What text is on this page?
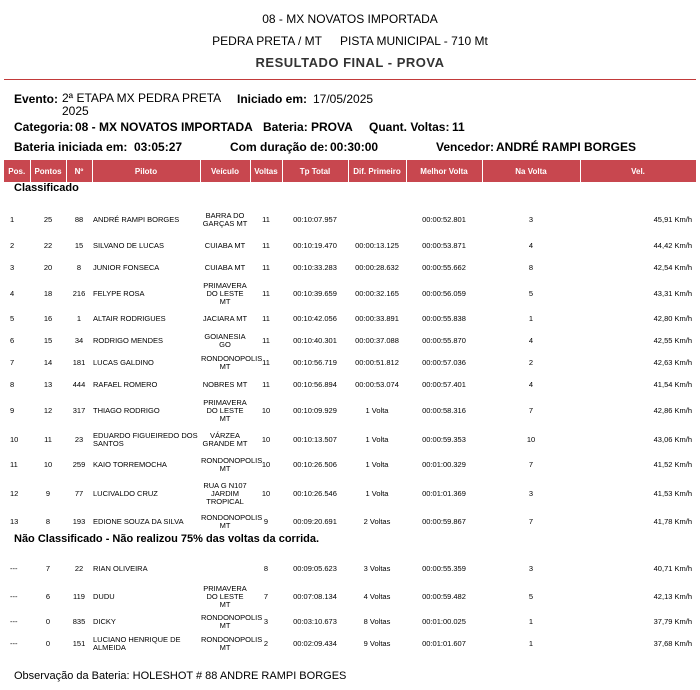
08 - MX NOVATOS IMPORTADA
PEDRA PRETA / MT PISTA MUNICIPAL - 710 Mt
RESULTADO FINAL - PROVA
Evento: 2ª ETAPA MX PEDRA PRETA
2025
Iniciado em: 17/05/2025
Categoria: 08 - MX NOVATOS IMPORTADA Bateria: PROVA Quant. Voltas: 11
Bateria iniciada em: 03:05:27	Com duração de: 00:30:00	Vencedor: ANDRÉ RAMPI BORGES
Pos.	Pontos	Nº	Piloto	Veículo	Voltas	Tp Total	Dif. Primeiro	Melhor Volta	Na Volta	Vel.
Classificado										
1	25	88	ANDRÉ RAMPI BORGES	BARRA DO GARÇAS MT	11	00:10:07.957		00:00:52.801	3	45,91 Km/h
2	22	15	SILVANO DE LUCAS	CUIABA MT	11	00:10:19.470	00:00:13.125	00:00:53.871	4	44,42 Km/h
3	20	8	JUNIOR FONSECA	CUIABA MT	11	00:10:33.283	00:00:28.632	00:00:55.662	8	42,54 Km/h
4	18	216	FELYPE ROSA	PRIMAVERA DO LESTE MT	11	00:10:39.659	00:00:32.165	00:00:56.059	5	43,31 Km/h
5	16	1	ALTAIR RODRIGUES	JACIARA MT	11	00:10:42.056	00:00:33.891	00:00:55.838	1	42,80 Km/h
6	15	34	RODRIGO MENDES	GOIANESIA GO	11	00:10:40.301	00:00:37.088	00:00:55.870	4	42,55 Km/h
7	14	181	LUCAS GALDINO	RONDONOPOLIS MT	11	00:10:56.719	00:00:51.812	00:00:57.036	2	42,63 Km/h
8	13	444	RAFAEL ROMERO	NOBRES MT	11	00:10:56.894	00:00:53.074	00:00:57.401	4	41,54 Km/h
9	12	317	THIAGO RODRIGO	PRIMAVERA DO LESTE MT	10	00:10:09.929	1 Volta	00:00:58.316	7	42,86 Km/h
10	11	23	EDUARDO FIGUEIREDO DOS SANTOS	VÁRZEA GRANDE MT	10	00:10:13.507	1 Volta	00:00:59.353	10	43,06 Km/h
11	10	259	KAIO TORREMOCHA	RONDONOPOLIS MT	10	00:10:26.506	1 Volta	00:01:00.329	7	41,52 Km/h
12	9	77	LUCIVALDO CRUZ	RUA G N107 JARDIM TROPICAL	10	00:10:26.546	1 Volta	00:01:01.369	3	41,53 Km/h
13	8	193	EDIONE SOUZA DA SILVA	RONDONOPOLIS MT	9	00:09:20.691	2 Voltas	00:00:59.867	7	41,78 Km/h
Não Classificado - Não realizou 75% das voltas da corrida.										
---	7	22	RIAN OLIVEIRA		8	00:09:05.623	3 Voltas	00:00:55.359	3	40,71 Km/h
---	6	119	DUDU	PRIMAVERA DO LESTE MT	7	00:07:08.134	4 Voltas	00:00:59.482	5	42,13 Km/h
---	0	835	DICKY	RONDONOPOLIS MT	3	00:03:10.673	8 Voltas	00:01:00.025	1	37,79 Km/h
---	0	151	LUCIANO HENRIQUE DE ALMEIDA	RONDONOPOLIS MT	2	00:02:09.434	9 Voltas	00:01:01.607	1	37,68 Km/h
Observação da Bateria: HOLESHOT # 88 ANDRE RAMPI BORGES
